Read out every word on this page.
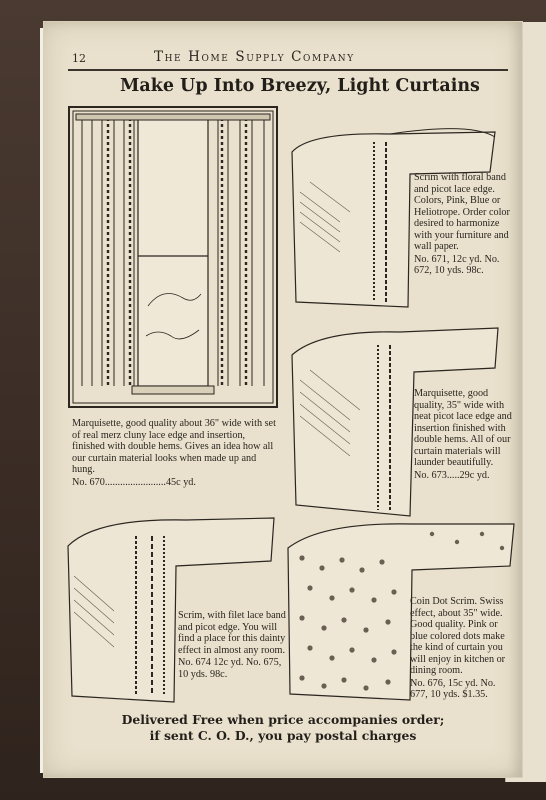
12	The Home Supply Company
Make Up Into Breezy, Light Curtains
Marquisette, good quality about 36" wide with set of real merz cluny lace edge and insertion, finished with double hems. Gives an idea how all our curtain material looks when made up and hung.
No. 670........................45c yd.
Scrim with floral band and picot lace edge. Colors, Pink, Blue or Heliotrope. Order color desired to harmonize with your furniture and wall paper.
No. 671, 12c yd. No. 672, 10 yds. 98c.
Marquisette, good quality, 35" wide with neat picot lace edge and insertion finished with double hems. All of our curtain materials will launder beautifully.
No. 673.....29c yd.
Scrim, with filet lace band and picot edge. You will find a place for this dainty effect in almost any room.
No. 674 12c yd. No. 675, 10 yds. 98c.
Coin Dot Scrim. Swiss effect, about 35" wide. Good quality. Pink or blue colored dots make the kind of curtain you will enjoy in kitchen or dining room.
No. 676, 15c yd. No. 677, 10 yds. $1.35.
Delivered Free when price accompanies order;
if sent C. O. D., you pay postal charges
